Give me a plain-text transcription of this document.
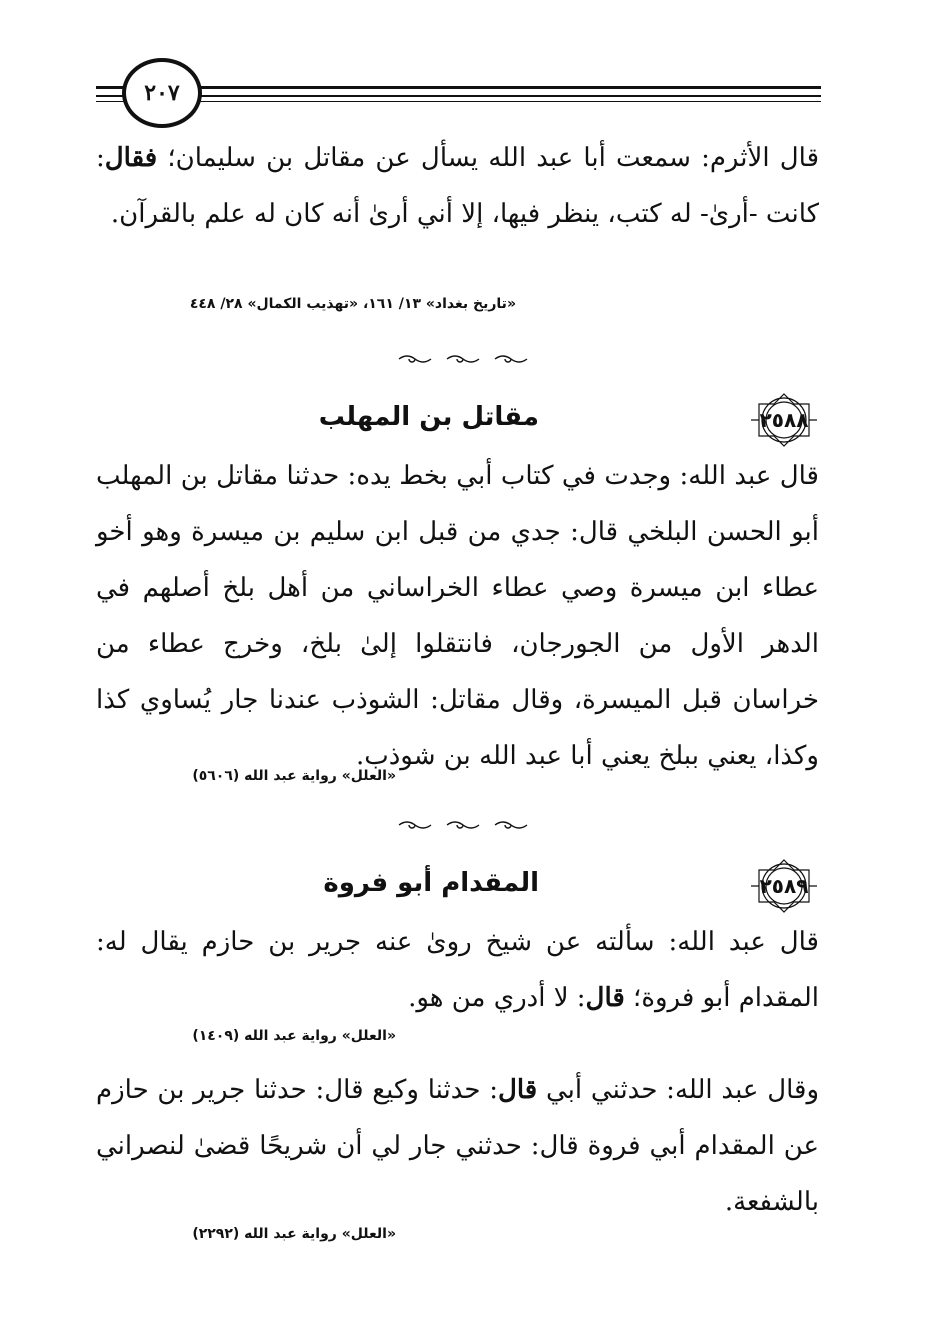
٢٠٧
قال الأثرم: سمعت أبا عبد الله يسأل عن مقاتل بن سليمان؛ فقال: كانت -أرىٰ- له كتب، ينظر فيها، إلا أني أرىٰ أنه كان له علم بالقرآن.
«تاريخ بغداد» ١٣/ ١٦١، «تهذيب الكمال» ٢٨/ ٤٤٨
٢٥٨٨
مقاتل بن المهلب
قال عبد الله: وجدت في كتاب أبي بخط يده: حدثنا مقاتل بن المهلب أبو الحسن البلخي قال: جدي من قبل ابن سليم بن ميسرة وهو أخو عطاء ابن ميسرة وصي عطاء الخراساني من أهل بلخ أصلهم في الدهر الأول من الجورجان، فانتقلوا إلىٰ بلخ، وخرج عطاء من خراسان قبل الميسرة، وقال مقاتل: الشوذب عندنا جار يُساوي كذا وكذا، يعني ببلخ يعني أبا عبد الله بن شوذب.
«العلل» رواية عبد الله (٥٦٠٦)
٢٥٨٩
المقدام أبو فروة
قال عبد الله: سألته عن شيخ روىٰ عنه جرير بن حازم يقال له: المقدام أبو فروة؛ قال: لا أدري من هو.
«العلل» رواية عبد الله (١٤٠٩)
وقال عبد الله: حدثني أبي قال: حدثنا وكيع قال: حدثنا جرير بن حازم عن المقدام أبي فروة قال: حدثني جار لي أن شريحًا قضىٰ لنصراني بالشفعة.
«العلل» رواية عبد الله (٢٢٩٢)
